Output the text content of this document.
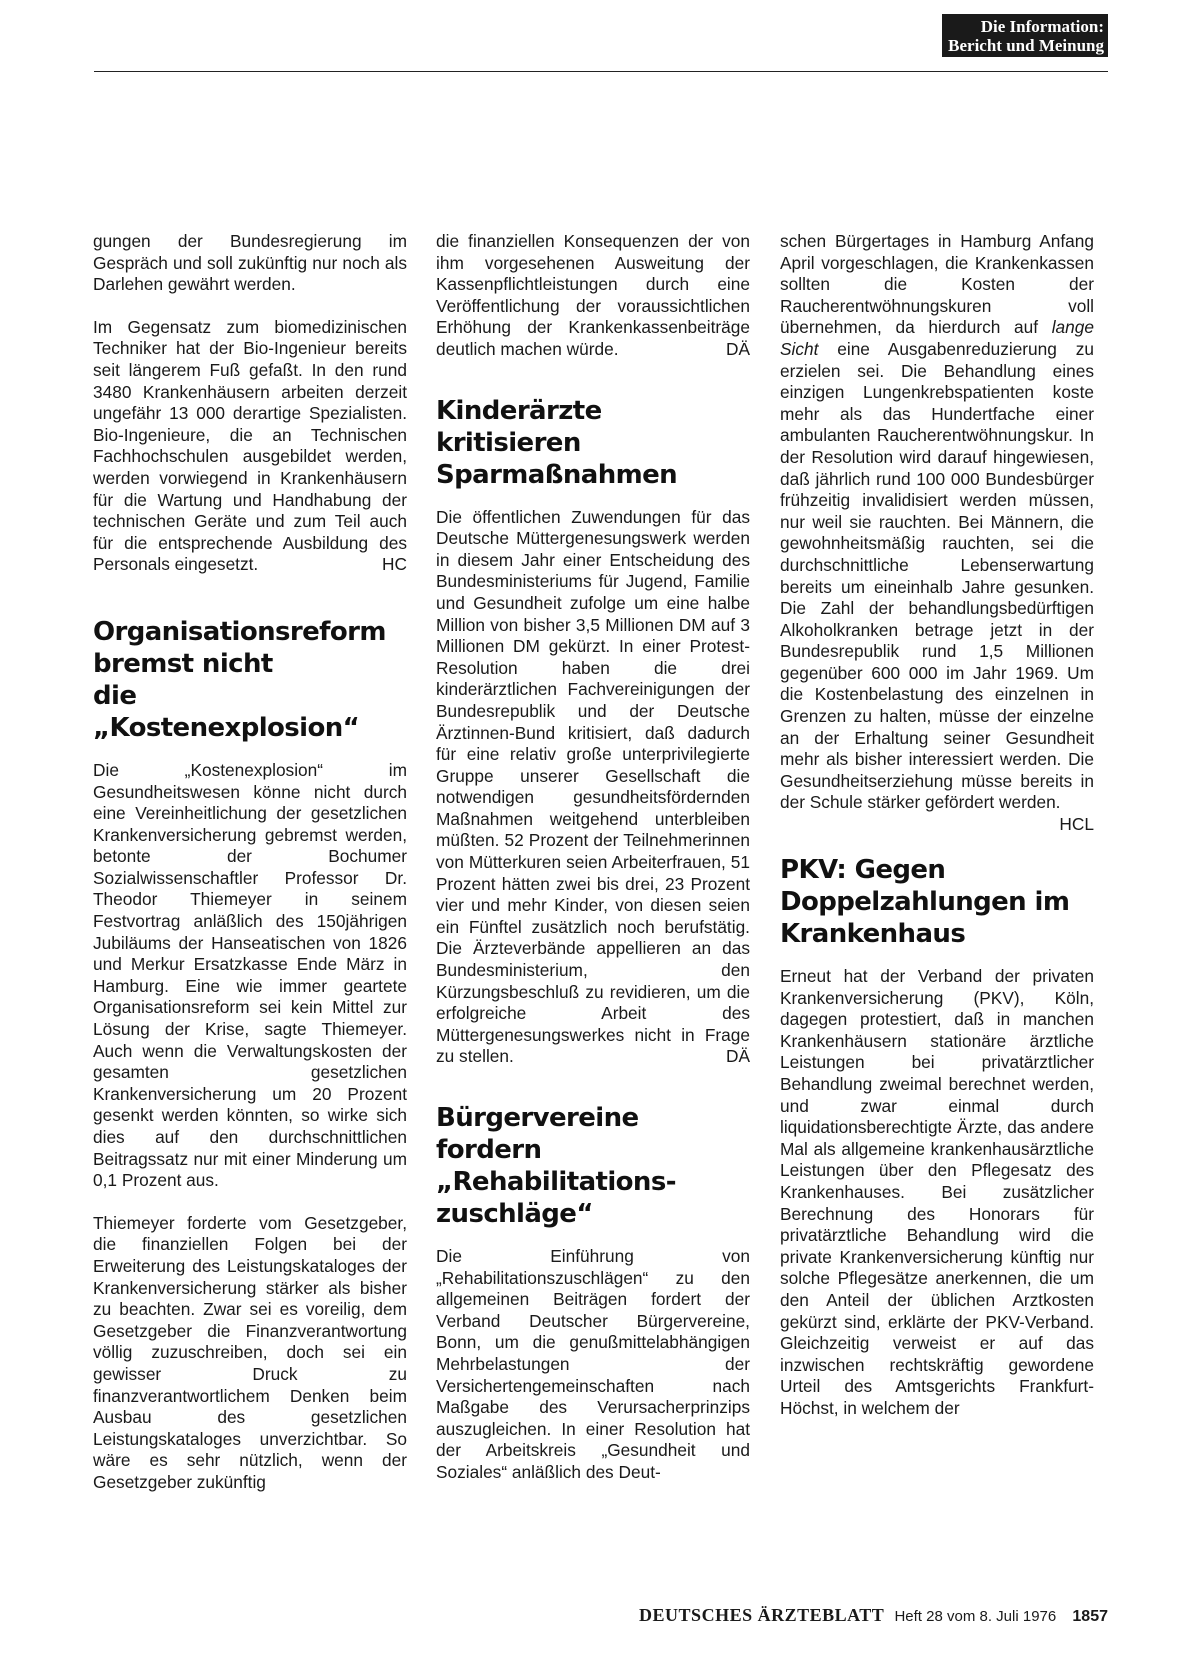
Die Information:
Bericht und Meinung

gungen der Bundesregierung im Gespräch und soll zukünftig nur noch als Darlehen gewährt werden.

Im Gegensatz zum biomedizinischen Techniker hat der Bio-Ingenieur bereits seit längerem Fuß gefaßt. In den rund 3480 Krankenhäusern arbeiten derzeit ungefähr 13 000 derartige Spezialisten. Bio-Ingenieure, die an Technischen Fachhochschulen ausgebildet werden, werden vorwiegend in Krankenhäusern für die Wartung und Handhabung der technischen Geräte und zum Teil auch für die entsprechende Ausbildung des Personals eingesetzt.	HC

Organisationsreform
bremst nicht
die „Kostenexplosion“

Die „Kostenexplosion“ im Gesundheitswesen könne nicht durch eine Vereinheitlichung der gesetzlichen Krankenversicherung gebremst werden, betonte der Bochumer Sozialwissenschaftler Professor Dr. Theodor Thiemeyer in seinem Festvortrag anläßlich des 150jährigen Jubiläums der Hanseatischen von 1826 und Merkur Ersatzkasse Ende März in Hamburg. Eine wie immer geartete Organisationsreform sei kein Mittel zur Lösung der Krise, sagte Thiemeyer. Auch wenn die Verwaltungskosten der gesamten gesetzlichen Krankenversicherung um 20 Prozent gesenkt werden könnten, so wirke sich dies auf den durchschnittlichen Beitragssatz nur mit einer Minderung um 0,1 Prozent aus.

Thiemeyer forderte vom Gesetzgeber, die finanziellen Folgen bei der Erweiterung des Leistungskataloges der Krankenversicherung stärker als bisher zu beachten. Zwar sei es voreilig, dem Gesetzgeber die Finanzverantwortung völlig zuzuschreiben, doch sei ein gewisser Druck zu finanzverantwortlichem Denken beim Ausbau des gesetzlichen Leistungskataloges unverzichtbar. So wäre es sehr nützlich, wenn der Gesetzgeber zukünftig

die finanziellen Konsequenzen der von ihm vorgesehenen Ausweitung der Kassenpflichtleistungen durch eine Veröffentlichung der voraussichtlichen Erhöhung der Krankenkassenbeiträge deutlich machen würde.	DÄ

Kinderärzte kritisieren
Sparmaßnahmen

Die öffentlichen Zuwendungen für das Deutsche Müttergenesungswerk werden in diesem Jahr einer Entscheidung des Bundesministeriums für Jugend, Familie und Gesundheit zufolge um eine halbe Million von bisher 3,5 Millionen DM auf 3 Millionen DM gekürzt. In einer Protest-Resolution haben die drei kinderärztlichen Fachvereinigungen der Bundesrepublik und der Deutsche Ärztinnen-Bund kritisiert, daß dadurch für eine relativ große unterprivilegierte Gruppe unserer Gesellschaft die notwendigen gesundheitsfördernden Maßnahmen weitgehend unterbleiben müßten. 52 Prozent der Teilnehmerinnen von Mütterkuren seien Arbeiterfrauen, 51 Prozent hätten zwei bis drei, 23 Prozent vier und mehr Kinder, von diesen seien ein Fünftel zusätzlich noch berufstätig. Die Ärzteverbände appellieren an das Bundesministerium, den Kürzungsbeschluß zu revidieren, um die erfolgreiche Arbeit des Müttergenesungswerkes nicht in Frage zu stellen.	DÄ

Bürgervereine fordern
„Rehabilitations-
zuschläge“

Die Einführung von „Rehabilitationszuschlägen“ zu den allgemeinen Beiträgen fordert der Verband Deutscher Bürgervereine, Bonn, um die genußmittelabhängigen Mehrbelastungen der Versichertengemeinschaften nach Maßgabe des Verursacherprinzips auszugleichen. In einer Resolution hat der Arbeitskreis „Gesundheit und Soziales“ anläßlich des Deut-

schen Bürgertages in Hamburg Anfang April vorgeschlagen, die Krankenkassen sollten die Kosten der Raucherentwöhnungskuren voll übernehmen, da hierdurch auf lange Sicht eine Ausgabenreduzierung zu erzielen sei. Die Behandlung eines einzigen Lungenkrebspatienten koste mehr als das Hundertfache einer ambulanten Raucherentwöhnungskur. In der Resolution wird darauf hingewiesen, daß jährlich rund 100 000 Bundesbürger frühzeitig invalidisiert werden müssen, nur weil sie rauchten. Bei Männern, die gewohnheitsmäßig rauchten, sei die durchschnittliche Lebenserwartung bereits um eineinhalb Jahre gesunken. Die Zahl der behandlungsbedürftigen Alkoholkranken betrage jetzt in der Bundesrepublik rund 1,5 Millionen gegenüber 600 000 im Jahr 1969. Um die Kostenbelastung des einzelnen in Grenzen zu halten, müsse der einzelne an der Erhaltung seiner Gesundheit mehr als bisher interessiert werden. Die Gesundheitserziehung müsse bereits in der Schule stärker gefördert werden.
HCL

PKV: Gegen
Doppelzahlungen im
Krankenhaus

Erneut hat der Verband der privaten Krankenversicherung (PKV), Köln, dagegen protestiert, daß in manchen Krankenhäusern stationäre ärztliche Leistungen bei privatärztlicher Behandlung zweimal berechnet werden, und zwar einmal durch liquidationsberechtigte Ärzte, das andere Mal als allgemeine krankenhausärztliche Leistungen über den Pflegesatz des Krankenhauses. Bei zusätzlicher Berechnung des Honorars für privatärztliche Behandlung wird die private Krankenversicherung künftig nur solche Pflegesätze anerkennen, die um den Anteil der üblichen Arztkosten gekürzt sind, erklärte der PKV-Verband. Gleichzeitig verweist er auf das inzwischen rechtskräftig gewordene Urteil des Amtsgerichts Frankfurt-Höchst, in welchem der

DEUTSCHES ÄRZTEBLATT Heft 28 vom 8. Juli 1976 1857
